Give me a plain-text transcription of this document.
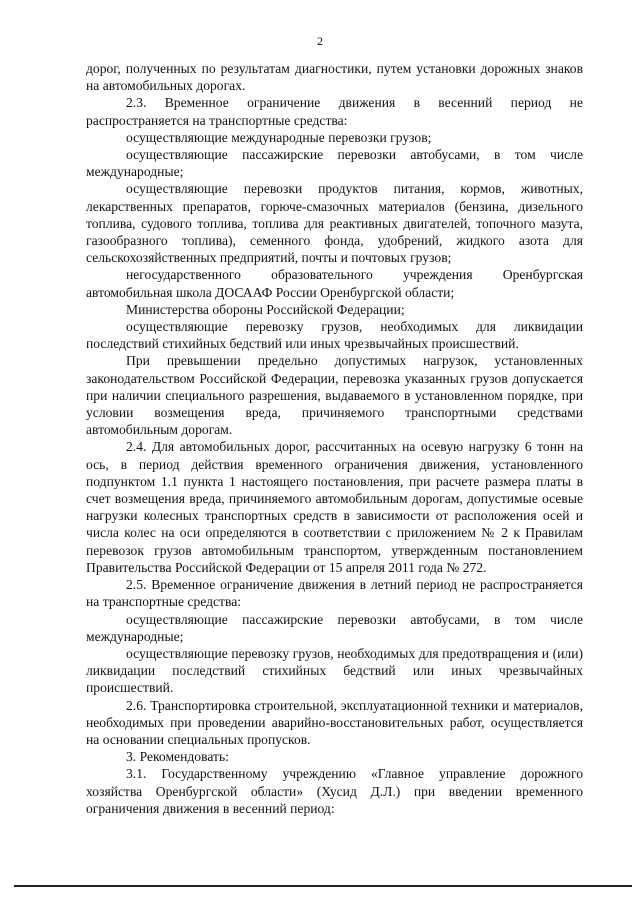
2

дорог, полученных по результатам диагностики, путем установки дорожных знаков на автомобильных дорогах.

2.3. Временное ограничение движения в весенний период не распространяется на транспортные средства:

осуществляющие международные перевозки грузов;

осуществляющие пассажирские перевозки автобусами, в том числе международные;

осуществляющие перевозки продуктов питания, кормов, животных, лекарственных препаратов, горюче-смазочных материалов (бензина, дизельного топлива, судового топлива, топлива для реактивных двигателей, топочного мазута, газообразного топлива), семенного фонда, удобрений, жидкого азота для сельскохозяйственных предприятий, почты и почтовых грузов;

негосударственного образовательного учреждения Оренбургская автомобильная школа ДОСААФ России Оренбургской области;

Министерства обороны Российской Федерации;

осуществляющие перевозку грузов, необходимых для ликвидации последствий стихийных бедствий или иных чрезвычайных происшествий.

При превышении предельно допустимых нагрузок, установленных законодательством Российской Федерации, перевозка указанных грузов допускается при наличии специального разрешения, выдаваемого в установленном порядке, при условии возмещения вреда, причиняемого транспортными средствами автомобильным дорогам.

2.4. Для автомобильных дорог, рассчитанных на осевую нагрузку 6 тонн на ось, в период действия временного ограничения движения, установленного подпунктом 1.1 пункта 1 настоящего постановления, при расчете размера платы в счет возмещения вреда, причиняемого автомобильным дорогам, допустимые осевые нагрузки колесных транспортных средств в зависимости от расположения осей и числа колес на оси определяются в соответствии с приложением № 2 к Правилам перевозок грузов автомобильным транспортом, утвержденным постановлением Правительства Российской Федерации от 15 апреля 2011 года № 272.

2.5. Временное ограничение движения в летний период не распространяется на транспортные средства:

осуществляющие пассажирские перевозки автобусами, в том числе международные;

осуществляющие перевозку грузов, необходимых для предотвращения и (или) ликвидации последствий стихийных бедствий или иных чрезвычайных происшествий.

2.6. Транспортировка строительной, эксплуатационной техники и материалов, необходимых при проведении аварийно-восстановительных работ, осуществляется на основании специальных пропусков.

3. Рекомендовать:

3.1. Государственному учреждению «Главное управление дорожного хозяйства Оренбургской области» (Хусид Д.Л.) при введении временного ограничения движения в весенний период:
